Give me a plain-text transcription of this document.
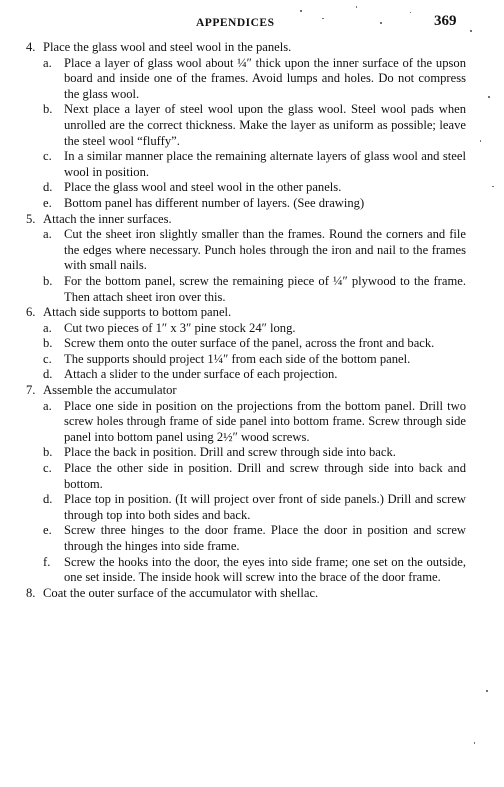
APPENDICES	369
4. Place the glass wool and steel wool in the panels.
a. Place a layer of glass wool about ¼″ thick upon the inner surface of the upson board and inside one of the frames. Avoid lumps and holes. Do not compress the glass wool.
b. Next place a layer of steel wool upon the glass wool. Steel wool pads when unrolled are the correct thickness. Make the layer as uniform as possible; leave the steel wool “fluffy”.
c. In a similar manner place the remaining alternate layers of glass wool and steel wool in position.
d. Place the glass wool and steel wool in the other panels.
e. Bottom panel has different number of layers. (See drawing)
5. Attach the inner surfaces.
a. Cut the sheet iron slightly smaller than the frames. Round the corners and file the edges where necessary. Punch holes through the iron and nail to the frames with small nails.
b. For the bottom panel, screw the remaining piece of ¼″ plywood to the frame. Then attach sheet iron over this.
6. Attach side supports to bottom panel.
a. Cut two pieces of 1″ x 3″ pine stock 24″ long.
b. Screw them onto the outer surface of the panel, across the front and back.
c. The supports should project 1¼″ from each side of the bottom panel.
d. Attach a slider to the under surface of each projection.
7. Assemble the accumulator
a. Place one side in position on the projections from the bottom panel. Drill two screw holes through frame of side panel into bottom frame. Screw through side panel into bottom panel using 2½″ wood screws.
b. Place the back in position. Drill and screw through side into back.
c. Place the other side in position. Drill and screw through side into back and bottom.
d. Place top in position. (It will project over front of side panels.) Drill and screw through top into both sides and back.
e. Screw three hinges to the door frame. Place the door in position and screw through the hinges into side frame.
f. Screw the hooks into the door, the eyes into side frame; one set on the outside, one set inside. The inside hook will screw into the brace of the door frame.
8. Coat the outer surface of the accumulator with shellac.
